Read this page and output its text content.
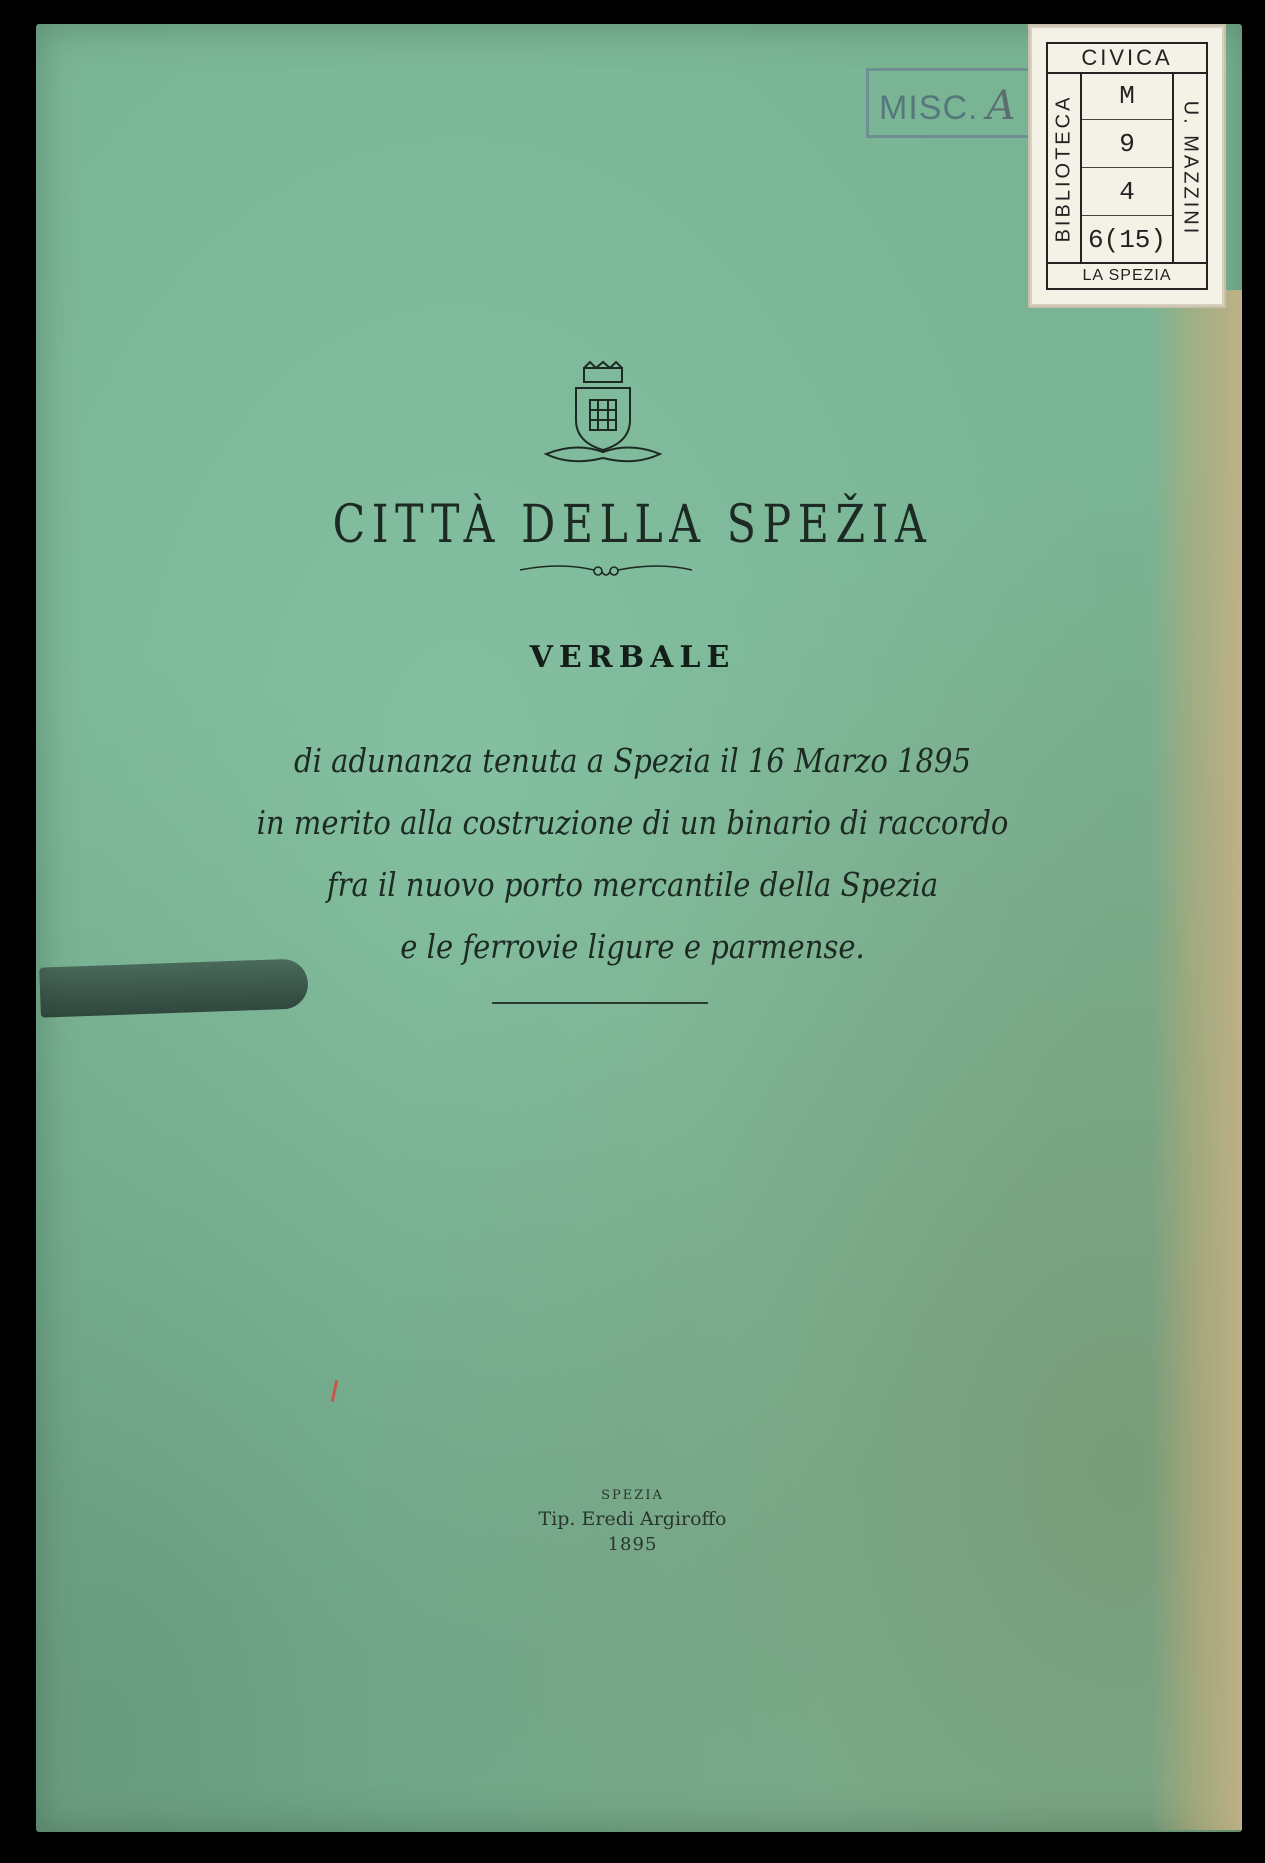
MISC. A
CIVICA
BIBLIOTECA	U. MAZZINI
M
9
4
6(15)
LA SPEZIA
CITTÀ DELLA SPEŽIA
VERBALE
di adunanza tenuta a Spezia il 16 Marzo 1895
in merito alla costruzione di un binario di raccordo
fra il nuovo porto mercantile della Spezia
e le ferrovie ligure e parmense.
SPEZIA
Tip. Eredi Argiroffo
1895
